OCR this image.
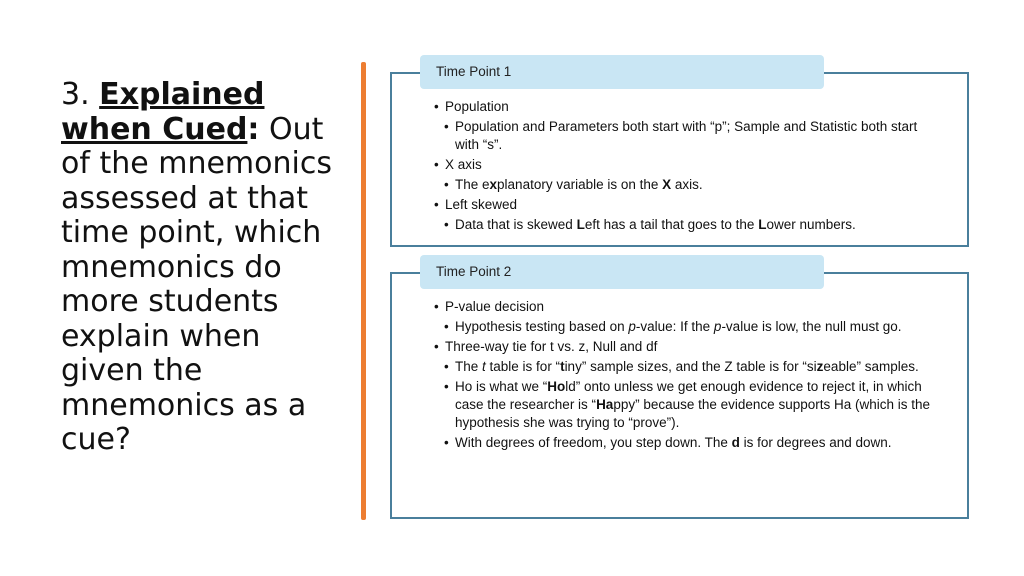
3. Explained when Cued: Out of the mnemonics assessed at that time point, which mnemonics do more students explain when given the mnemonics as a cue?
Time Point 1
• Population
• Population and Parameters both start with “p”; Sample and Statistic both start with “s”.
• X axis
• The explanatory variable is on the X axis.
• Left skewed
• Data that is skewed Left has a tail that goes to the Lower numbers.
Time Point 2
• P-value decision
• Hypothesis testing based on p-value: If the p-value is low, the null must go.
• Three-way tie for t vs. z, Null and df
• The t table is for “tiny” sample sizes, and the Z table is for “sizeable” samples.
• Ho is what we “Hold” onto unless we get enough evidence to reject it, in which case the researcher is “Happy” because the evidence supports Ha (which is the hypothesis she was trying to “prove”).
• With degrees of freedom, you step down. The d is for degrees and down.
